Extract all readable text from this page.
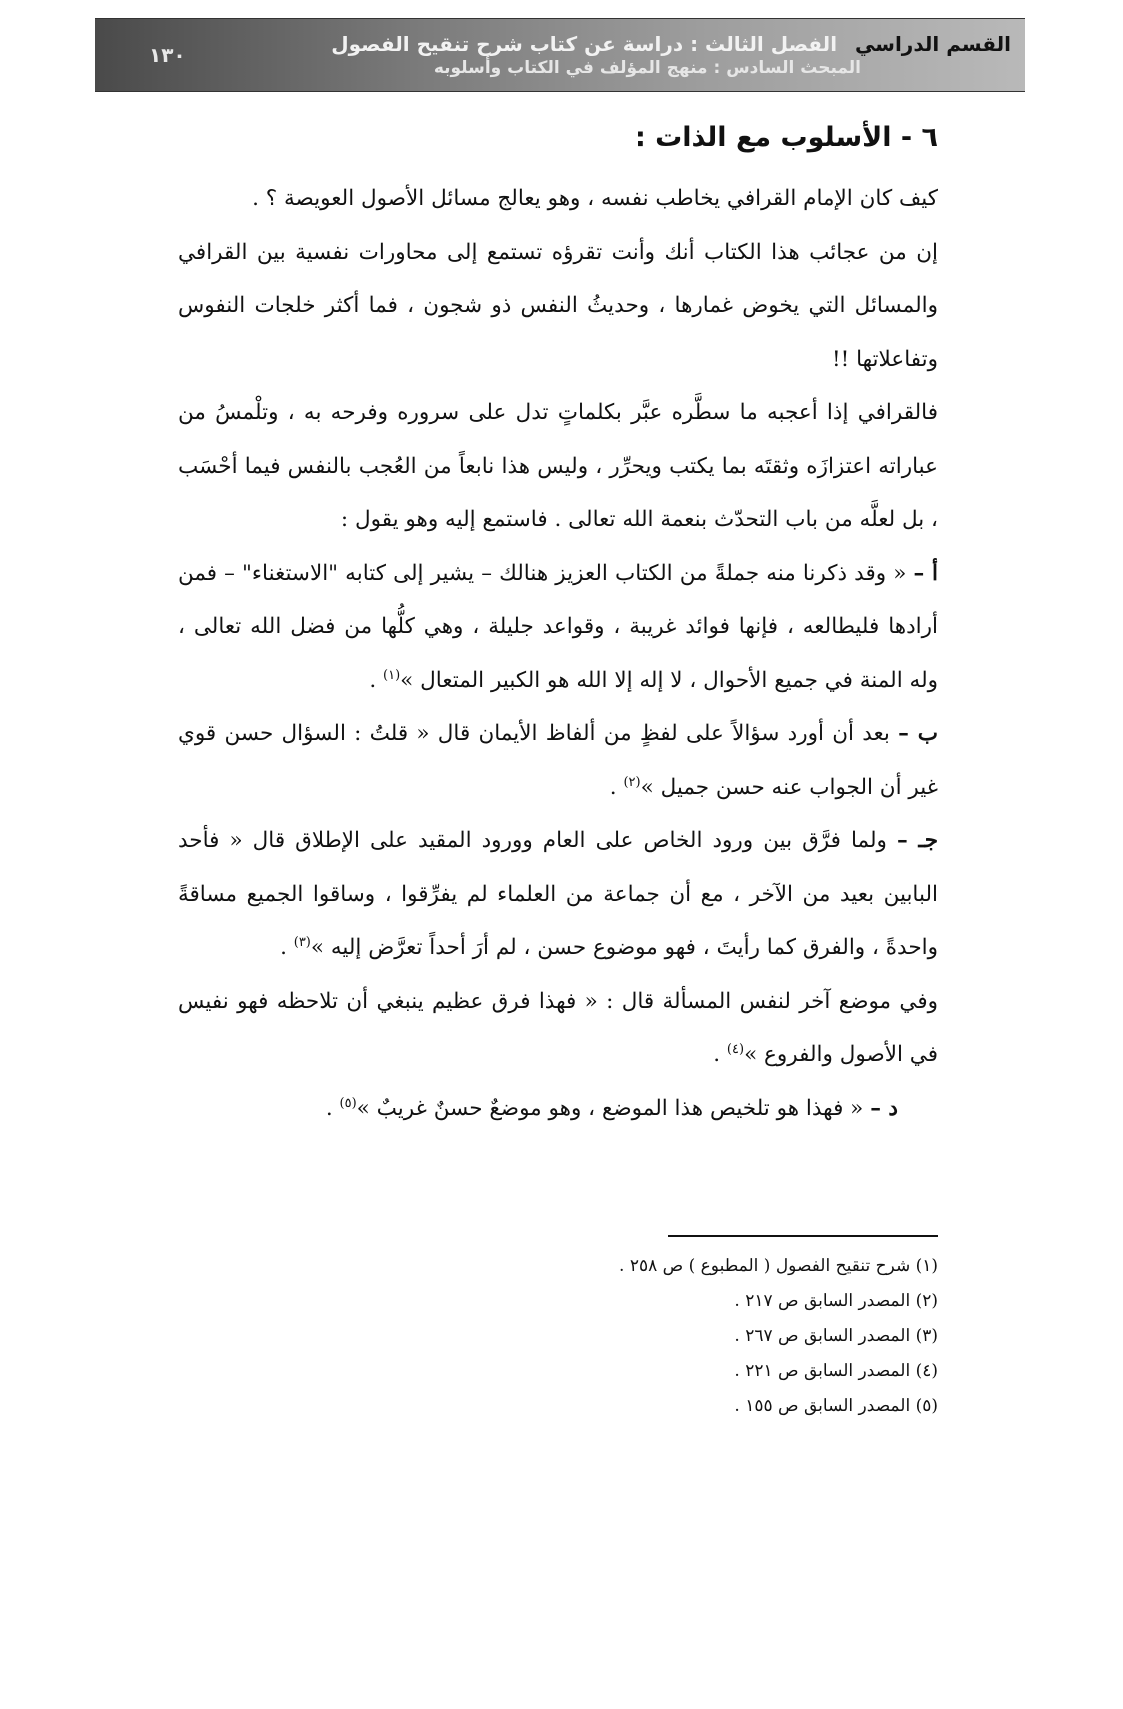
القسم الدراسي
الفصل الثالث : دراسة عن كتاب شرح تنقيح الفصول
المبحث السادس : منهج المؤلف في الكتاب وأسلوبه
١٣٠
٦ - الأسلوب مع الذات :

كيف كان الإمام القرافي يخاطب نفسه ، وهو يعالج مسائل الأصول العويصة ؟ .

إن من عجائب هذا الكتاب أنك وأنت تقرؤه تستمع إلى محاورات نفسية بين القرافي والمسائل التي يخوض غمارها ، وحديثُ النفس ذو شجون ، فما أكثر خلجات النفوس وتفاعلاتها !!

فالقرافي إذا أعجبه ما سطَّره عبَّر بكلماتٍ تدل على سروره وفرحه به ، وتلْمسُ من عباراته اعتزازَه وثقتَه بما يكتب ويحرِّر ، وليس هذا نابعاً من العُجب بالنفس فيما أحْسَب ، بل لعلَّه من باب التحدّث بنعمة الله تعالى . فاستمع إليه وهو يقول :

أ – « وقد ذكرنا منه جملةً من الكتاب العزيز هنالك – يشير إلى كتابه "الاستغناء" – فمن أرادها فليطالعه ، فإنها فوائد غريبة ، وقواعد جليلة ، وهي كلُّها من فضل الله تعالى ، وله المنة في جميع الأحوال ، لا إله إلا الله هو الكبير المتعال »$^{(١)}$ .

ب – بعد أن أورد سؤالاً على لفظٍ من ألفاظ الأيمان قال « قلتُ : السؤال حسن قوي غير أن الجواب عنه حسن جميل »$^{(٢)}$ .

جـ – ولما فرَّق بين ورود الخاص على العام وورود المقيد على الإطلاق قال « فأحد البابين بعيد من الآخر ، مع أن جماعة من العلماء لم يفرِّقوا ، وساقوا الجميع مساقةً واحدةً ، والفرق كما رأيتَ ، فهو موضوع حسن ، لم أرَ أحداً تعرَّض إليه »$^{(٣)}$ .

وفي موضع آخر لنفس المسألة قال : « فهذا فرق عظيم ينبغي أن تلاحظه فهو نفيس في الأصول والفروع »$^{(٤)}$ .

د – « فهذا هو تلخيص هذا الموضع ، وهو موضعٌ حسنٌ غريبٌ »$^{(٥)}$ .

(١) شرح تنقيح الفصول ( المطبوع ) ص ٢٥٨ .
(٢) المصدر السابق ص ٢١٧ .
(٣) المصدر السابق ص ٢٦٧ .
(٤) المصدر السابق ص ٢٢١ .
(٥) المصدر السابق ص ١٥٥ .
